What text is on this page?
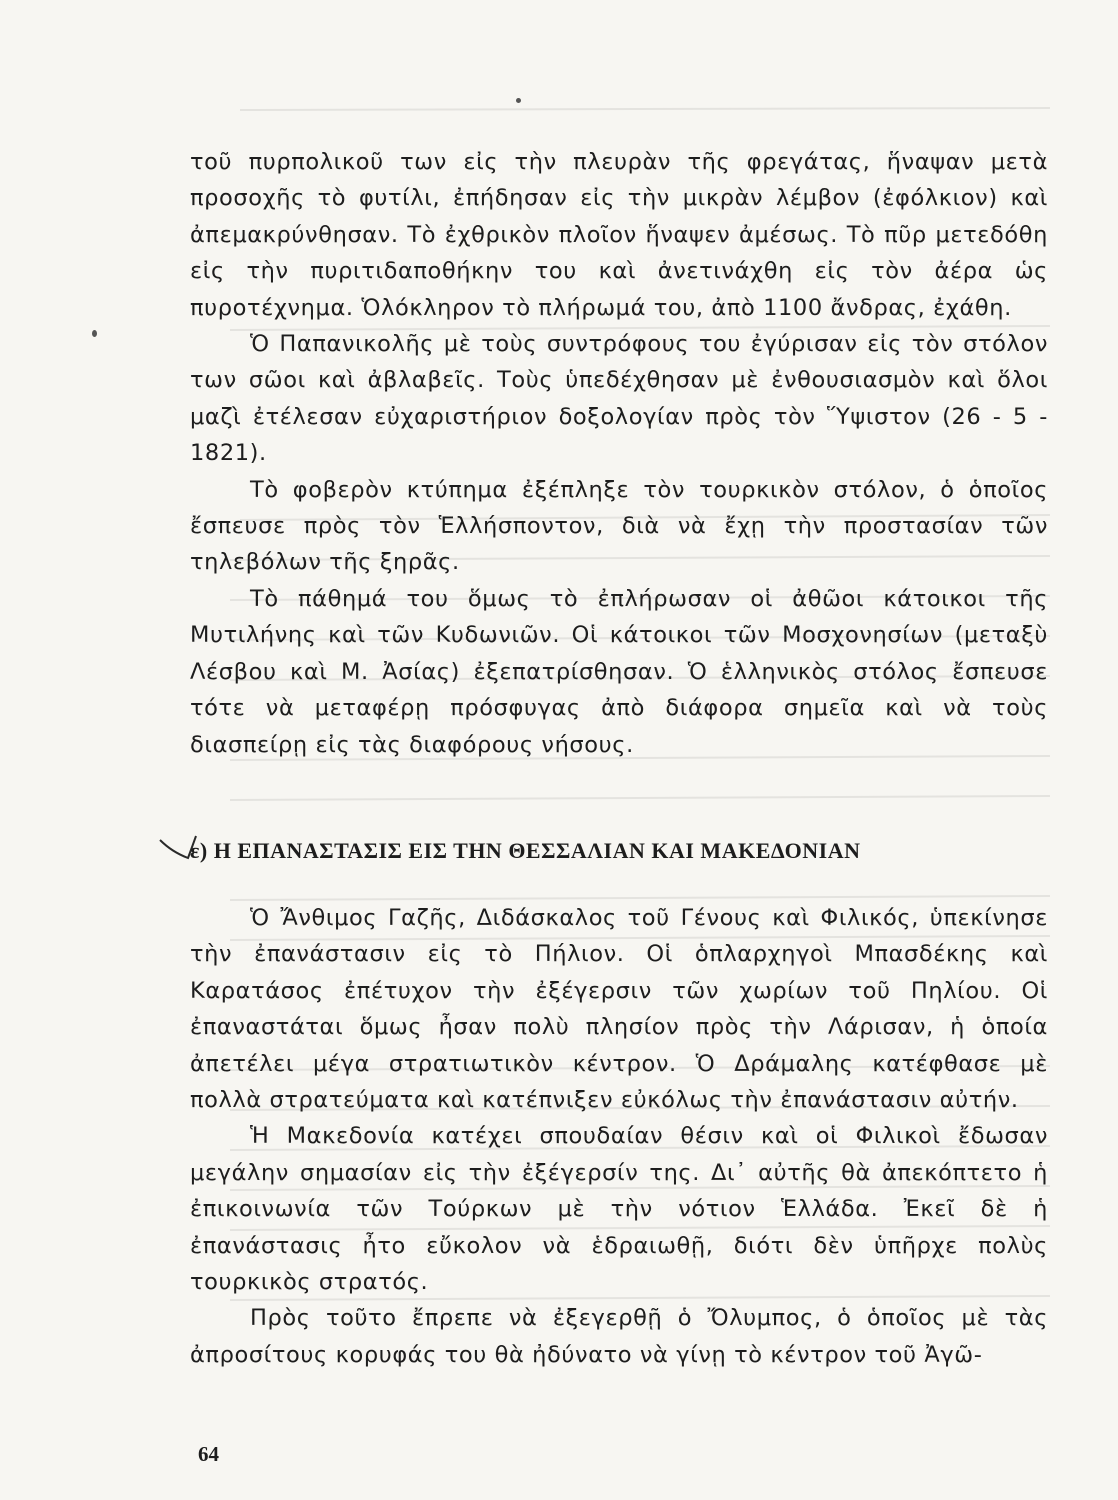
τοῦ πυρπολικοῦ των εἰς τὴν πλευρὰν τῆς φρεγάτας, ἥναψαν μετὰ προσοχῆς τὸ φυτίλι, ἐπήδησαν εἰς τὴν μικρὰν λέμβον (ἐφόλκιον) καὶ ἀπεμακρύνθησαν. Τὸ ἐχθρικὸν πλοῖον ἥναψεν ἀμέσως. Τὸ πῦρ μετεδόθη εἰς τὴν πυριτιδαποθήκην του καὶ ἀνετινάχθη εἰς τὸν ἀέρα ὡς πυροτέχνημα. Ὁλόκληρον τὸ πλήρωμά του, ἀπὸ 1100 ἄνδρας, ἐχάθη.

Ὁ Παπανικολῆς μὲ τοὺς συντρόφους του ἐγύρισαν εἰς τὸν στόλον των σῶοι καὶ ἀβλαβεῖς. Τοὺς ὑπεδέχθησαν μὲ ἐνθουσιασμὸν καὶ ὅλοι μαζὶ ἐτέλεσαν εὐχαριστήριον δοξολογίαν πρὸς τὸν Ὕψιστον (26 - 5 - 1821).

Τὸ φοβερὸν κτύπημα ἐξέπληξε τὸν τουρκικὸν στόλον, ὁ ὁποῖος ἔσπευσε πρὸς τὸν Ἑλλήσποντον, διὰ νὰ ἔχῃ τὴν προστασίαν τῶν τηλεβόλων τῆς ξηρᾶς.

Τὸ πάθημά του ὅμως τὸ ἐπλήρωσαν οἱ ἀθῶοι κάτοικοι τῆς Μυτιλήνης καὶ τῶν Κυδωνιῶν. Οἱ κάτοικοι τῶν Μοσχονησίων (μεταξὺ Λέσβου καὶ Μ. Ἀσίας) ἐξεπατρίσθησαν. Ὁ ἑλληνικὸς στόλος ἔσπευσε τότε νὰ μεταφέρῃ πρόσφυγας ἀπὸ διάφορα σημεῖα καὶ νὰ τοὺς διασπείρῃ εἰς τὰς διαφόρους νήσους.

ε) Η ΕΠΑΝΑΣΤΑΣΙΣ ΕΙΣ ΤΗΝ ΘΕΣΣΑΛΙΑΝ ΚΑΙ ΜΑΚΕΔΟΝΙΑΝ

Ὁ Ἄνθιμος Γαζῆς, Διδάσκαλος τοῦ Γένους καὶ Φιλικός, ὑπεκίνησε τὴν ἐπανάστασιν εἰς τὸ Πήλιον. Οἱ ὁπλαρχηγοὶ Μπασδέκης καὶ Καρατάσος ἐπέτυχον τὴν ἐξέγερσιν τῶν χωρίων τοῦ Πηλίου. Οἱ ἐπαναστάται ὅμως ἦσαν πολὺ πλησίον πρὸς τὴν Λάρισαν, ἡ ὁποία ἀπετέλει μέγα στρατιωτικὸν κέντρον. Ὁ Δράμαλης κατέφθασε μὲ πολλὰ στρατεύματα καὶ κατέπνιξεν εὐκόλως τὴν ἐπανάστασιν αὐτήν.

Ἡ Μακεδονία κατέχει σπουδαίαν θέσιν καὶ οἱ Φιλικοὶ ἔδωσαν μεγάλην σημασίαν εἰς τὴν ἐξέγερσίν της. Δι᾽ αὐτῆς θὰ ἀπεκόπτετο ἡ ἐπικοινωνία τῶν Τούρκων μὲ τὴν νότιον Ἑλλάδα. Ἐκεῖ δὲ ἡ ἐπανάστασις ἦτο εὔκολον νὰ ἑδραιωθῇ, διότι δὲν ὑπῆρχε πολὺς τουρκικὸς στρατός.

Πρὸς τοῦτο ἔπρεπε νὰ ἐξεγερθῇ ὁ Ὄλυμπος, ὁ ὁποῖος μὲ τὰς ἀπροσίτους κορυφάς του θὰ ἠδύνατο νὰ γίνῃ τὸ κέντρον τοῦ Ἀγῶ-

64
